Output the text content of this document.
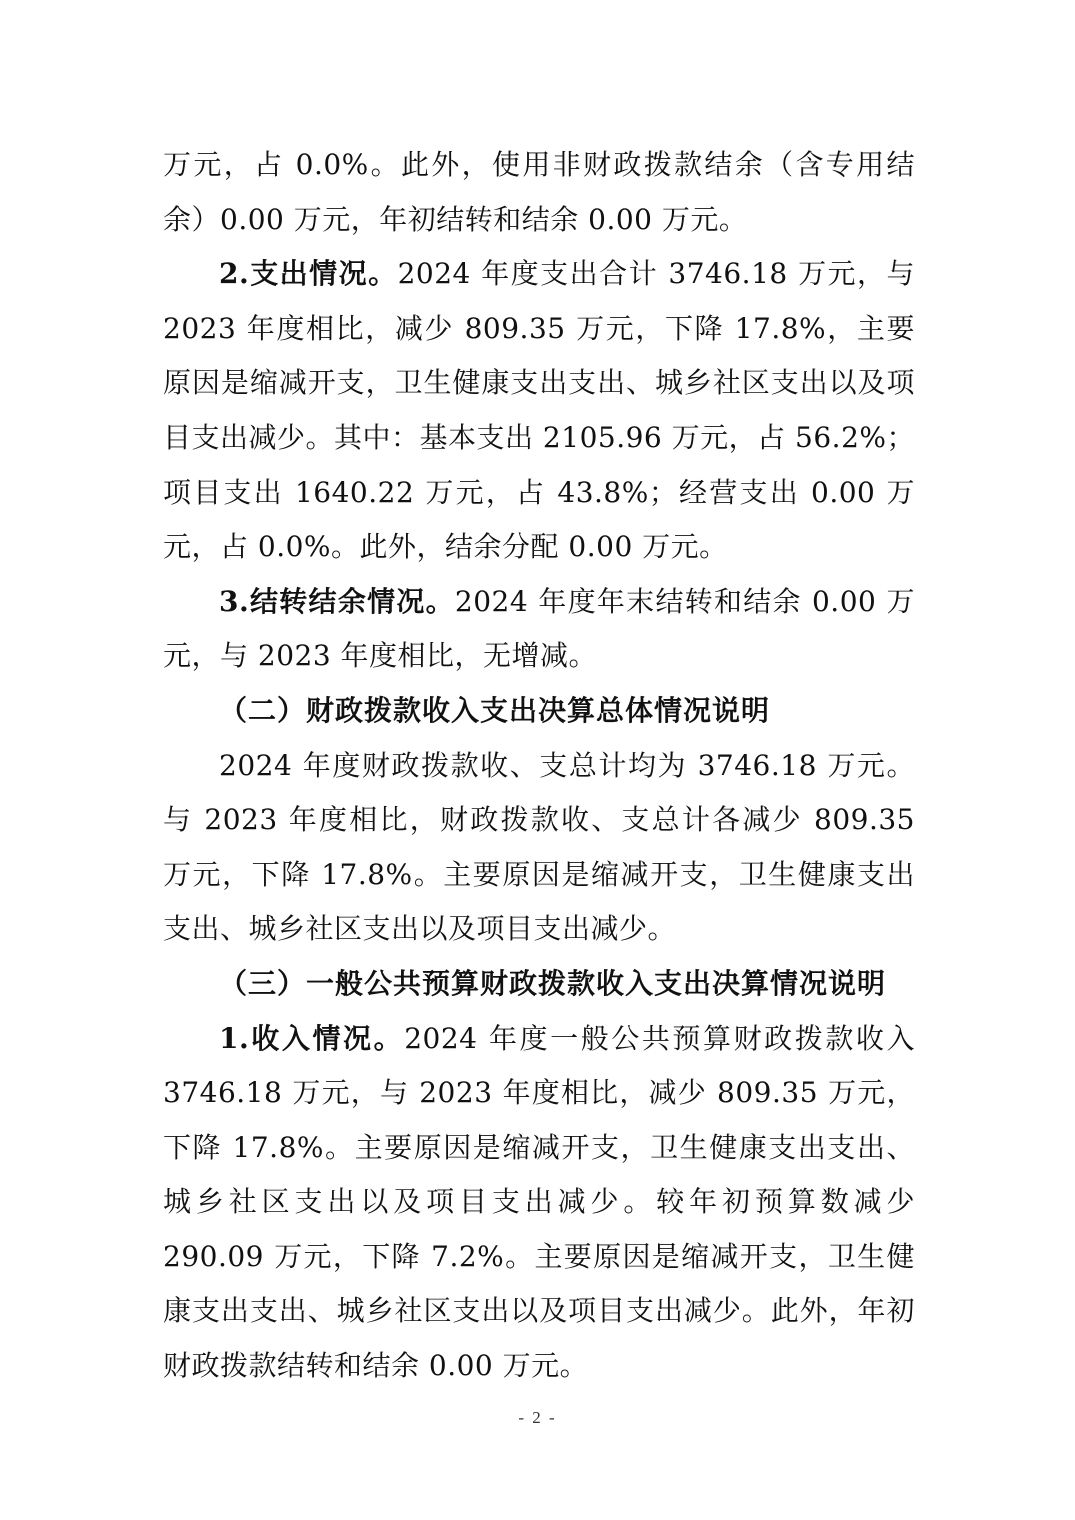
万元，占 0.0%。此外，使用非财政拨款结余（含专用结余）0.00 万元，年初结转和结余 0.00 万元。

2.支出情况。2024 年度支出合计 3746.18 万元，与 2023 年度相比，减少 809.35 万元，下降 17.8%，主要原因是缩减开支，卫生健康支出支出、城乡社区支出以及项目支出减少。其中：基本支出 2105.96 万元，占 56.2%；项目支出 1640.22 万元，占 43.8%；经营支出 0.00 万元，占 0.0%。此外，结余分配 0.00 万元。

3.结转结余情况。2024 年度年末结转和结余 0.00 万元，与 2023 年度相比，无增减。

（二）财政拨款收入支出决算总体情况说明

2024 年度财政拨款收、支总计均为 3746.18 万元。与 2023 年度相比，财政拨款收、支总计各减少 809.35 万元，下降 17.8%。主要原因是缩减开支，卫生健康支出支出、城乡社区支出以及项目支出减少。

（三）一般公共预算财政拨款收入支出决算情况说明

1.收入情况。2024 年度一般公共预算财政拨款收入 3746.18 万元，与 2023 年度相比，减少 809.35 万元，下降 17.8%。主要原因是缩减开支，卫生健康支出支出、城乡社区支出以及项目支出减少。较年初预算数减少 290.09 万元，下降 7.2%。主要原因是缩减开支，卫生健康支出支出、城乡社区支出以及项目支出减少。此外，年初财政拨款结转和结余 0.00 万元。

- 2 -
